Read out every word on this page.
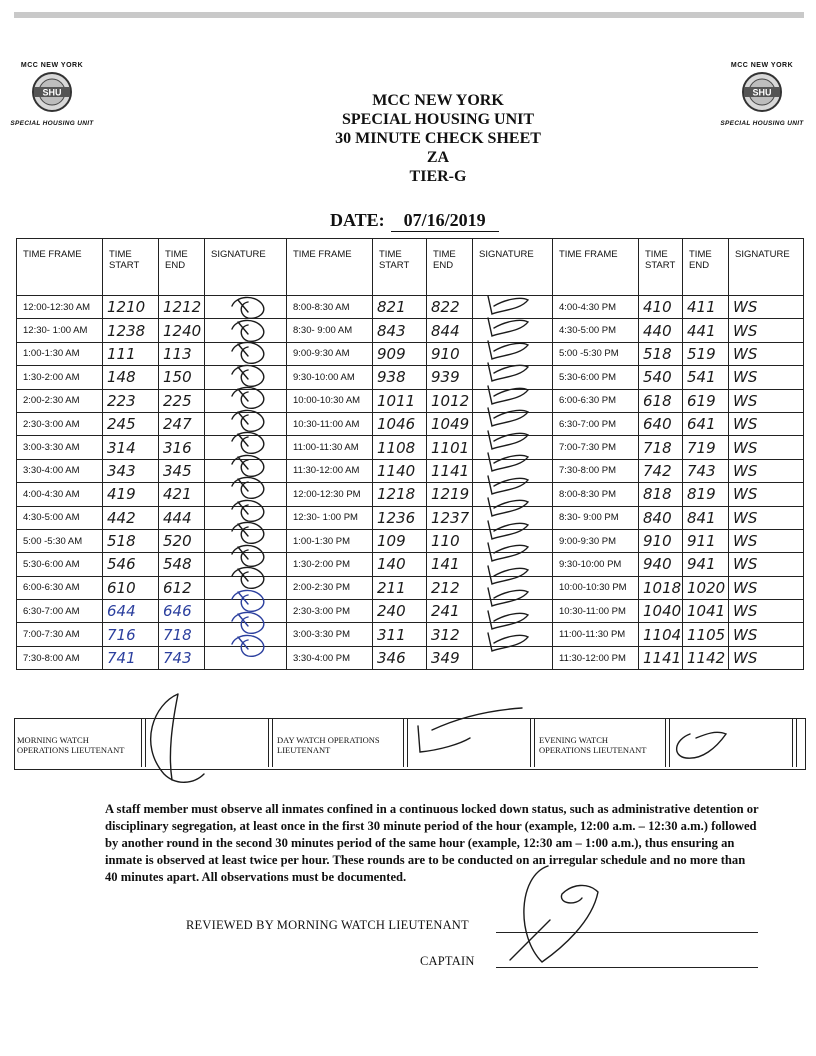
MCC NEW YORK
SHU
SPECIAL HOUSING UNIT
MCC NEW YORK
SHU
SPECIAL HOUSING UNIT
MCC NEW YORK
SPECIAL HOUSING UNIT
30 MINUTE CHECK SHEET
ZA
TIER-G
DATE: 07/16/2019
TIME FRAME	TIME START	TIME END	SIGNATURE	TIME FRAME	TIME START	TIME END	SIGNATURE	TIME FRAME	TIME START	TIME END	SIGNATURE
12:00-12:30 AM	1210	1212		8:00-8:30 AM	821	822		4:00-4:30 PM	410	411	WS
12:30- 1:00 AM	1238	1240		8:30- 9:00 AM	843	844		4:30-5:00 PM	440	441	WS
1:00-1:30 AM	111	113		9:00-9:30 AM	909	910		5:00 -5:30 PM	518	519	WS
1:30-2:00 AM	148	150		9:30-10:00 AM	938	939		5:30-6:00 PM	540	541	WS
2:00-2:30 AM	223	225		10:00-10:30 AM	1011	1012		6:00-6:30 PM	618	619	WS
2:30-3:00 AM	245	247		10:30-11:00 AM	1046	1049		6:30-7:00 PM	640	641	WS
3:00-3:30 AM	314	316		11:00-11:30 AM	1108	1101		7:00-7:30 PM	718	719	WS
3:30-4:00 AM	343	345		11:30-12:00 AM	1140	1141		7:30-8:00 PM	742	743	WS
4:00-4:30 AM	419	421		12:00-12:30 PM	1218	1219		8:00-8:30 PM	818	819	WS
4:30-5:00 AM	442	444		12:30- 1:00 PM	1236	1237		8:30- 9:00 PM	840	841	WS
5:00 -5:30 AM	518	520		1:00-1:30 PM	109	110		9:00-9:30 PM	910	911	WS
5:30-6:00 AM	546	548		1:30-2:00 PM	140	141		9:30-10:00 PM	940	941	WS
6:00-6:30 AM	610	612		2:00-2:30 PM	211	212		10:00-10:30 PM	1018	1020	WS
6:30-7:00 AM	644	646		2:30-3:00 PM	240	241		10:30-11:00 PM	1040	1041	WS
7:00-7:30 AM	716	718		3:00-3:30 PM	311	312		11:00-11:30 PM	1104	1105	WS
7:30-8:00 AM	741	743		3:30-4:00 PM	346	349		11:30-12:00 PM	1141	1142	WS
MORNING WATCH OPERATIONS LIEUTENANT
DAY WATCH OPERATIONS LIEUTENANT
EVENING WATCH OPERATIONS LIEUTENANT
A staff member must observe all inmates confined in a continuous locked down status, such as administrative detention or disciplinary segregation, at least once in the first 30 minute period of the hour (example, 12:00 a.m. – 12:30 a.m.) followed by another round in the second 30 minutes period of the same hour (example, 12:30 am – 1:00 a.m.), thus ensuring an inmate is observed at least twice per hour. These rounds are to be conducted on an irregular schedule and no more than 40 minutes apart. All observations must be documented.
REVIEWED BY MORNING WATCH LIEUTENANT
CAPTAIN
